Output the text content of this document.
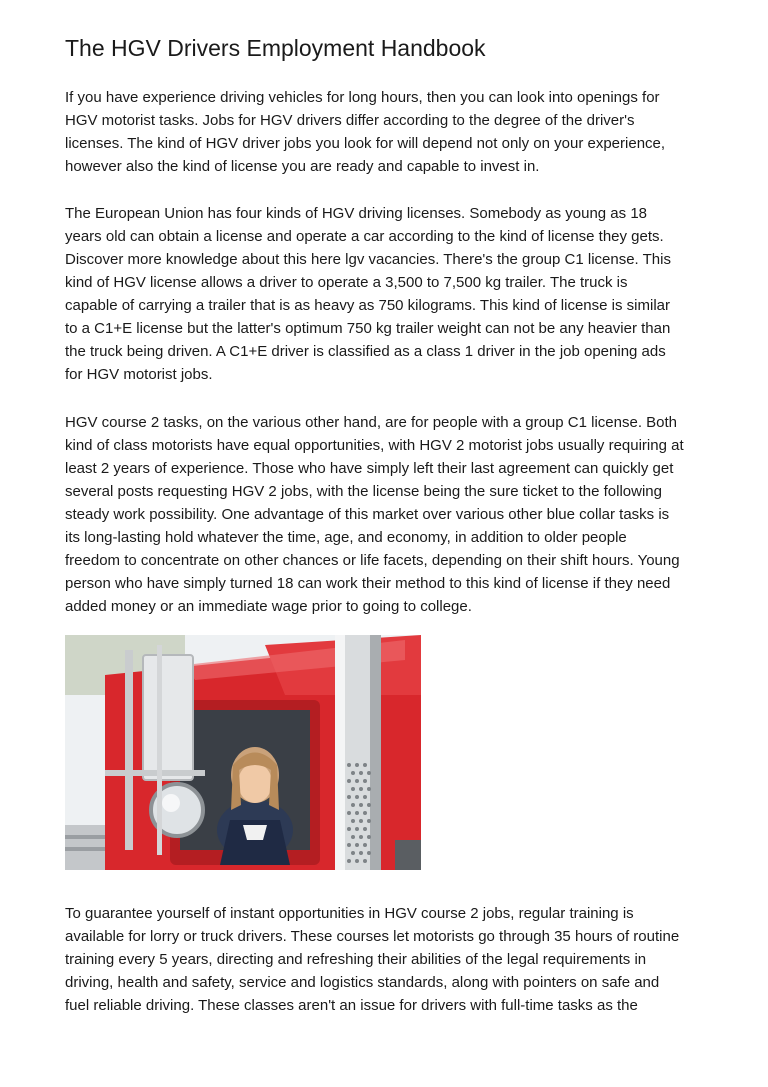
The HGV Drivers Employment Handbook

If you have experience driving vehicles for long hours, then you can look into openings for
HGV motorist tasks. Jobs for HGV drivers differ according to the degree of the driver's
licenses. The kind of HGV driver jobs you look for will depend not only on your experience,
however also the kind of license you are ready and capable to invest in.

The European Union has four kinds of HGV driving licenses. Somebody as young as 18
years old can obtain a license and operate a car according to the kind of license they gets.
Discover more knowledge about this here lgv vacancies. There's the group C1 license. This
kind of HGV license allows a driver to operate a 3,500 to 7,500 kg trailer. The truck is
capable of carrying a trailer that is as heavy as 750 kilograms. This kind of license is similar
to a C1+E license but the latter's optimum 750 kg trailer weight can not be any heavier than
the truck being driven. A C1+E driver is classified as a class 1 driver in the job opening ads
for HGV motorist jobs.

HGV course 2 tasks, on the various other hand, are for people with a group C1 license. Both
kind of class motorists have equal opportunities, with HGV 2 motorist jobs usually requiring at
least 2 years of experience. Those who have simply left their last agreement can quickly get
several posts requesting HGV 2 jobs, with the license being the sure ticket to the following
steady work possibility. One advantage of this market over various other blue collar tasks is
its long-lasting hold whatever the time, age, and economy, in addition to older people
freedom to concentrate on other chances or life facets, depending on their shift hours. Young
person who have simply turned 18 can work their method to this kind of license if they need
added money or an immediate wage prior to going to college.

To guarantee yourself of instant opportunities in HGV course 2 jobs, regular training is
available for lorry or truck drivers. These courses let motorists go through 35 hours of routine
training every 5 years, directing and refreshing their abilities of the legal requirements in
driving, health and safety, service and logistics standards, along with pointers on safe and
fuel reliable driving. These classes aren't an issue for drivers with full-time tasks as the
